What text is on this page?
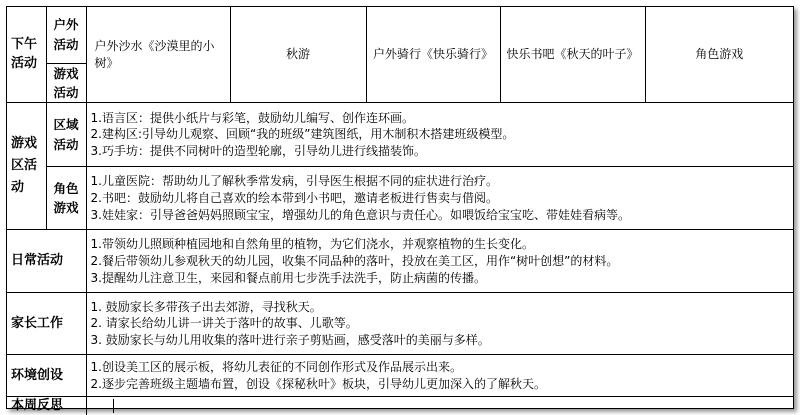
下午活动	户外活动	户外沙水《沙漠里的小树》	秋游	户外骑行《快乐骑行》	快乐书吧《秋天的叶子》	角色游戏
	游戏活动					
游戏区活动	区域活动	1.语言区：提供小纸片与彩笔，鼓励幼儿编写、创作连环画。
2.建构区:引导幼儿观察、回顾“我的班级”建筑图纸，用木制积木搭建班级模型。
3.巧手坊：提供不同树叶的造型轮廓，引导幼儿进行线描装饰。				

	角色游戏	1.儿童医院：帮助幼儿了解秋季常发病，引导医生根据不同的症状进行治疗。
2.书吧：鼓励幼儿将自己喜欢的绘本带到小书吧，邀请老板进行售卖与借阅。
3.娃娃家：引导爸爸妈妈照顾宝宝，增强幼儿的角色意识与责任心。如喂饭给宝宝吃、带娃娃看病等。				

日常活动		1.带领幼儿照顾种植园地和自然角里的植物，为它们浇水，并观察植物的生长变化。
2.餐后带领幼儿参观秋天的幼儿园，收集不同品种的落叶，投放在美工区，用作“树叶创想”的材料。
3.提醒幼儿注意卫生，来园和餐点前用七步洗手法洗手，防止病菌的传播。				

家长工作		1. 鼓励家长多带孩子出去郊游，寻找秋天。
2. 请家长给幼儿讲一讲关于落叶的故事、儿歌等。
3. 鼓励家长与幼儿用收集的落叶进行亲子剪贴画，感受落叶的美丽与多样。				

环境创设		1.创设美工区的展示板，将幼儿表征的不同创作形式及作品展示出来。
2.逐步完善班级主题墙布置，创设《探秘秋叶》板块，引导幼儿更加深入的了解秋天。				

本周反思						
